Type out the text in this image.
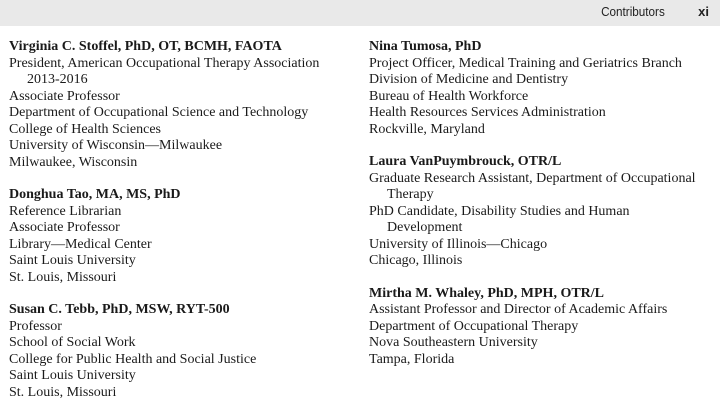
Contributors	xi
Virginia C. Stoffel, PhD, OT, BCMH, FAOTA
President, American Occupational Therapy Association
2013-2016
Associate Professor
Department of Occupational Science and Technology
College of Health Sciences
University of Wisconsin—Milwaukee
Milwaukee, Wisconsin
Donghua Tao, MA, MS, PhD
Reference Librarian
Associate Professor
Library—Medical Center
Saint Louis University
St. Louis, Missouri
Susan C. Tebb, PhD, MSW, RYT-500
Professor
School of Social Work
College for Public Health and Social Justice
Saint Louis University
St. Louis, Missouri
Nina Tumosa, PhD
Project Officer, Medical Training and Geriatrics Branch
Division of Medicine and Dentistry
Bureau of Health Workforce
Health Resources Services Administration
Rockville, Maryland
Laura VanPuymbrouck, OTR/L
Graduate Research Assistant, Department of Occupational
Therapy
PhD Candidate, Disability Studies and Human
Development
University of Illinois—Chicago
Chicago, Illinois
Mirtha M. Whaley, PhD, MPH, OTR/L
Assistant Professor and Director of Academic Affairs
Department of Occupational Therapy
Nova Southeastern University
Tampa, Florida
